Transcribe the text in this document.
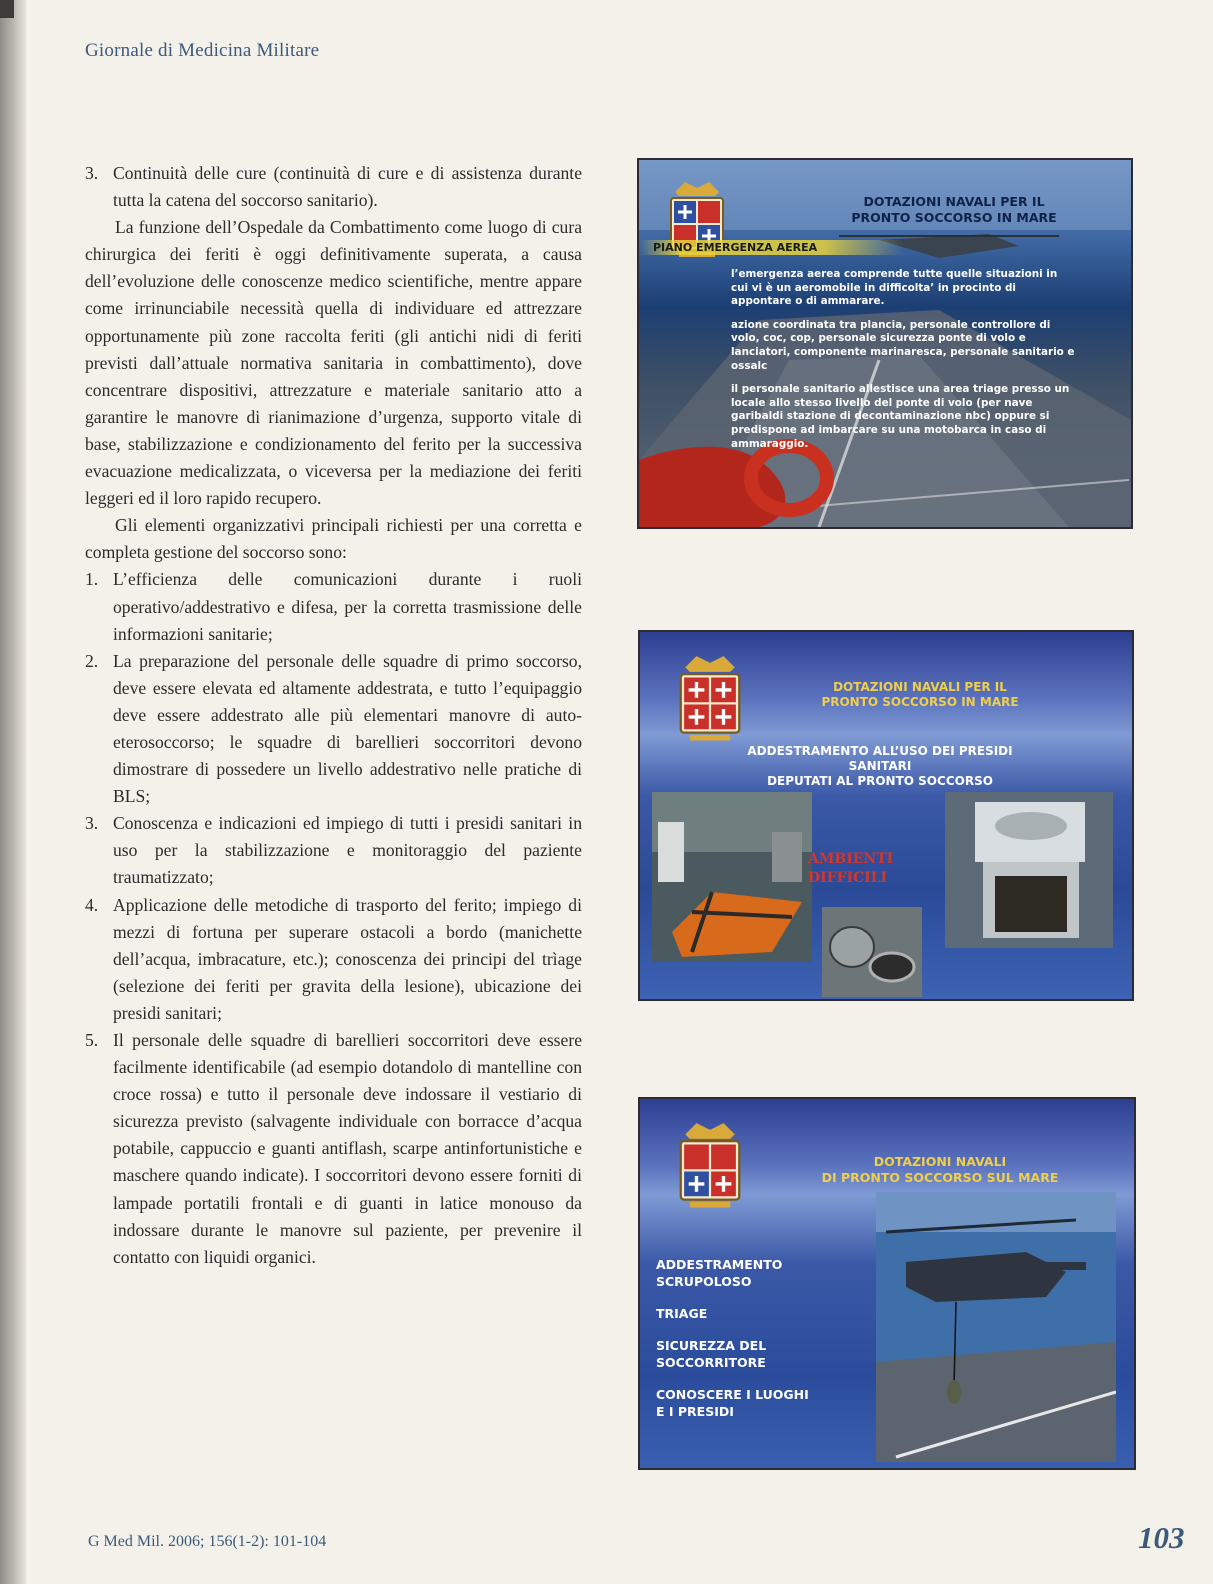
Giornale di Medicina Militare

3. Continuità delle cure (continuità di cure e di assistenza durante tutta la catena del soccorso sanitario).

La funzione dell’Ospedale da Combattimento come luogo di cura chirurgica dei feriti è oggi definitivamente superata, a causa dell’evoluzione delle conoscenze medico scientifiche, mentre appare come irrinunciabile necessità quella di individuare ed attrezzare opportunamente più zone raccolta feriti (gli antichi nidi di feriti previsti dall’attuale normativa sanitaria in combattimento), dove concentrare dispositivi, attrezzature e materiale sanitario atto a garantire le manovre di rianimazione d’urgenza, supporto vitale di base, stabilizzazione e condizionamento del ferito per la successiva evacuazione medicalizzata, o viceversa per la mediazione dei feriti leggeri ed il loro rapido recupero.

Gli elementi organizzativi principali richiesti per una corretta e completa gestione del soccorso sono:

1. L’efficienza delle comunicazioni durante i ruoli operativo/addestrativo e difesa, per la corretta trasmissione delle informazioni sanitarie;

2. La preparazione del personale delle squadre di primo soccorso, deve essere elevata ed altamente addestrata, e tutto l’equipaggio deve essere addestrato alle più elementari manovre di auto-eterosoccorso; le squadre di barellieri soccorritori devono dimostrare di possedere un livello addestrativo nelle pratiche di BLS;

3. Conoscenza e indicazioni ed impiego di tutti i presidi sanitari in uso per la stabilizzazione e monitoraggio del paziente traumatizzato;

4. Applicazione delle metodiche di trasporto del ferito; impiego di mezzi di fortuna per superare ostacoli a bordo (manichette dell’acqua, imbracature, etc.); conoscenza dei principi del trìage (selezione dei feriti per gravita della lesione), ubicazione dei presidi sanitari;

5. Il personale delle squadre di barellieri soccorritori deve essere facilmente identificabile (ad esempio dotandolo di mantelline con croce rossa) e tutto il personale deve indossare il vestiario di sicurezza previsto (salvagente individuale con borracce d’acqua potabile, cappuccio e guanti antiflash, scarpe antinfortunistiche e maschere quando indicate). I soccorritori devono essere forniti di lampade portatili frontali e di guanti in latice monouso da indossare durante le manovre sul paziente, per prevenire il contatto con liquidi organici.

DOTAZIONI NAVALI PER IL
PRONTO SOCCORSO IN MARE
PIANO EMERGENZA AEREA

l’emergenza aerea comprende tutte quelle situazioni in cui vi è un aeromobile in difficolta’ in procinto di appontare o di ammarare.

azione coordinata tra plancia, personale controllore di volo, coc, cop, personale sicurezza ponte di volo e lanciatori, componente marinaresca, personale sanitario e ossalc

il personale sanitario allestisce una area triage presso un locale allo stesso livello del ponte di volo (per nave garibaldi stazione di decontaminazione nbc) oppure si predispone ad imbarcare su una motobarca in caso di ammaraggio.

DOTAZIONI NAVALI PER IL
PRONTO SOCCORSO IN MARE
ADDESTRAMENTO ALL’USO DEI PRESIDI
SANITARI
DEPUTATI AL PRONTO SOCCORSO
AMBIENTI
DIFFICILI
DOTAZIONI NAVALI
DI PRONTO SOCCORSO SUL MARE
ADDESTRAMENTO SCRUPOLOSO
TRIAGE
SICUREZZA DEL SOCCORRITORE
CONOSCERE I LUOGHI E I PRESIDI
G Med Mil. 2006; 156(1-2): 101-104	103
